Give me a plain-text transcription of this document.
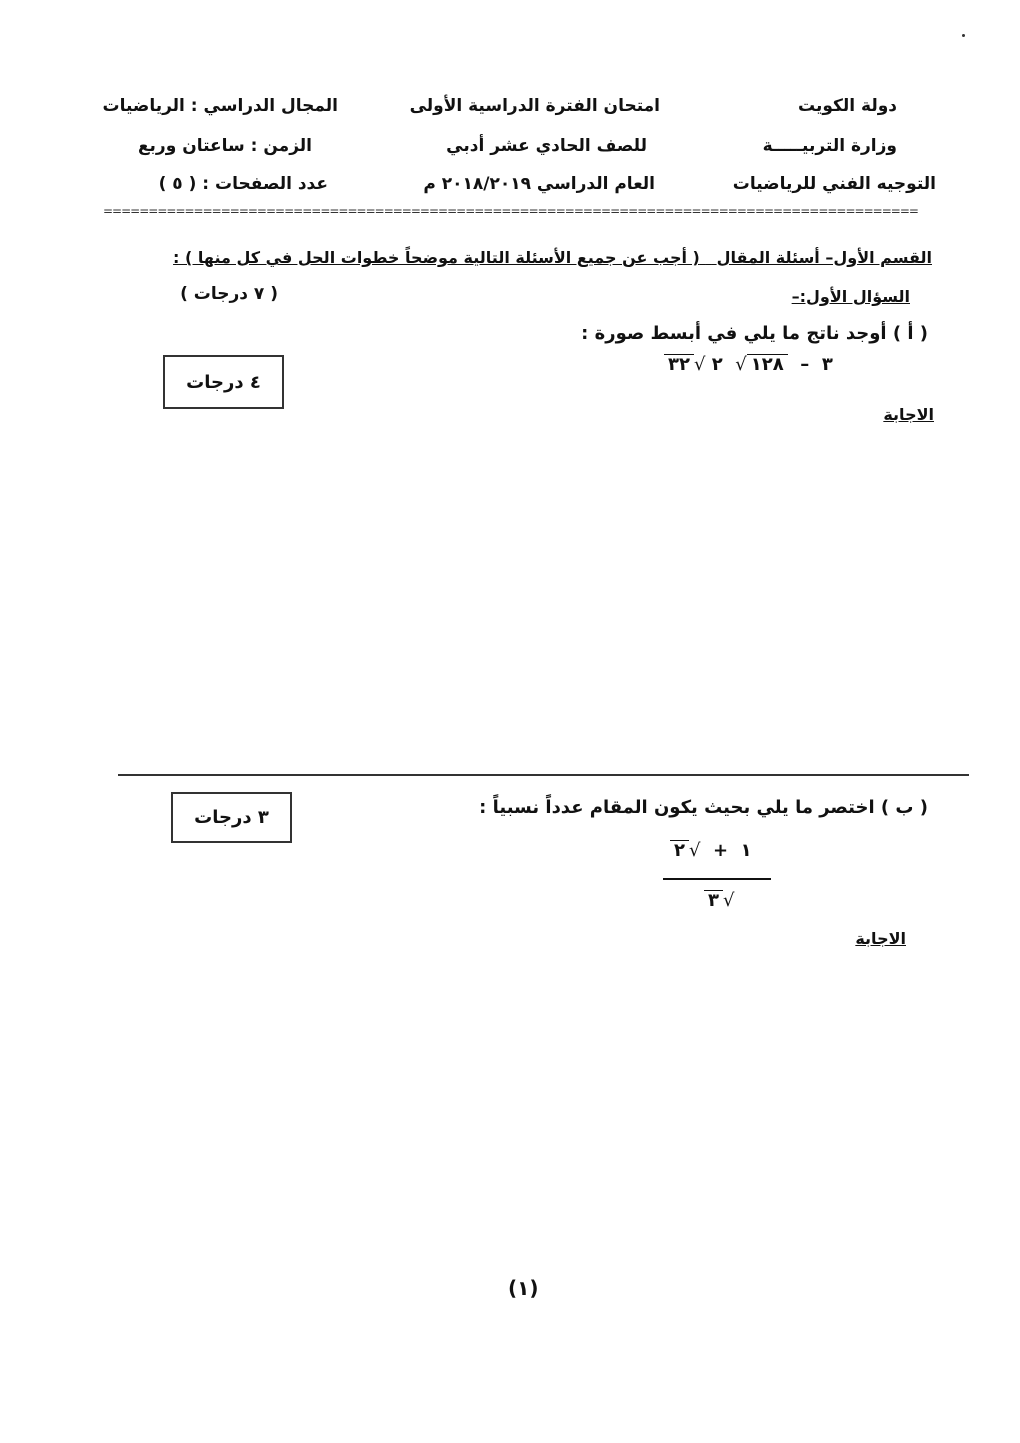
دولة الكويت
وزارة التربيـــــة
التوجيه الفني للرياضيات
امتحان الفترة الدراسية الأولى
للصف الحادي عشر أدبي
العام الدراسي ٢٠١٨/٢٠١٩ م
المجال الدراسي : الرياضيات
الزمن : ساعتان وربع
عدد الصفحات : ( ٥ )
==========================================================================================
القسم الأول– أسئلة المقال   ( أجب عن جميع الأسئلة التالية موضحاً خطوات الحل في كل منها ) :
السؤال الأول:–
( ٧ درجات )
( أ ) أوجد ناتج ما يلي في أبسط صورة :
٣٢ √	٣  –  ١٢٨√  ٢
٤ درجات
الاجابة
( ب ) اختصر ما يلي بحيث يكون المقام عدداً نسبياً :
٣ درجات
٢ √ + ١
٣ √
الاجابة
(١)
